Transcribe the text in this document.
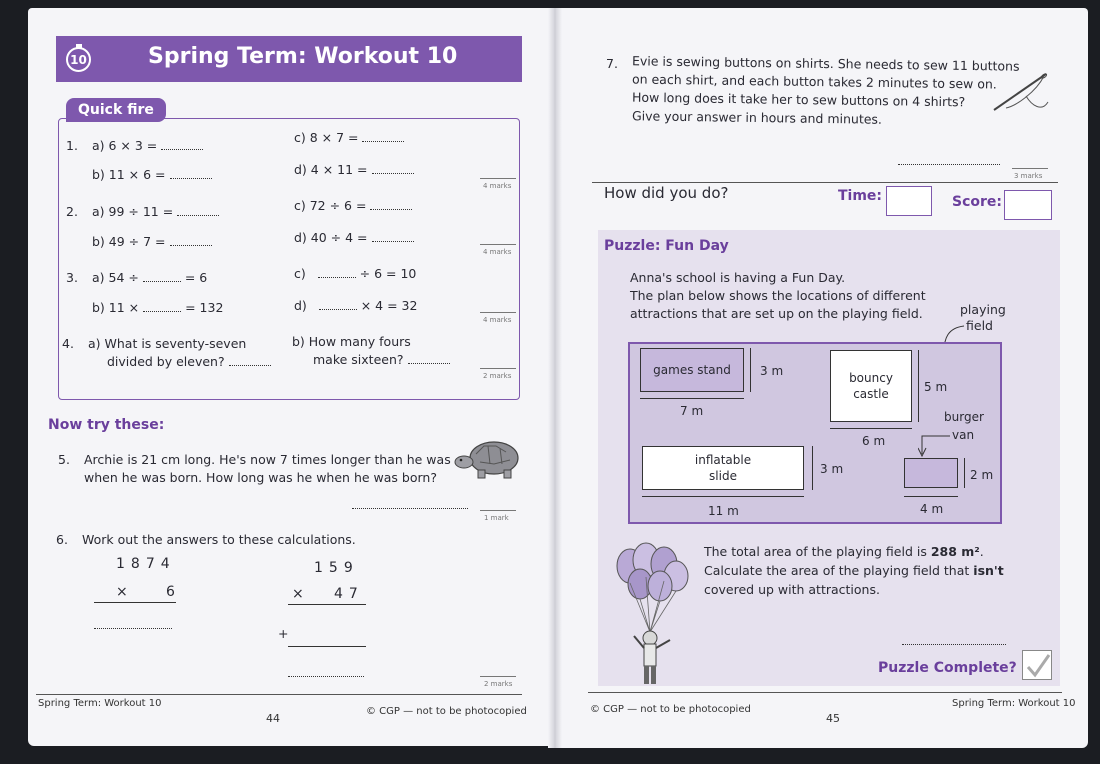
10	Spring Term: Workout 10
Quick fire
1. a) 6 × 3 =
b) 11 × 6 =
c) 8 × 7 =
d) 4 × 11 =
4 marks
2. a) 99 ÷ 11 =
b) 49 ÷ 7 =
c) 72 ÷ 6 =
d) 40 ÷ 4 =
4 marks
3. a) 54 ÷	= 6
b) 11 ×	= 132
c)	÷ 6 = 10
d)	× 4 = 32
4 marks
4. a) What is seventy-seven
divided by eleven?
b) How many fours
make sixteen?
2 marks
Now try these:
5. Archie is 21 cm long. He's now 7 times longer than he was
when he was born. How long was he when he was born?
1 mark
6. Work out the answers to these calculations.
1874
× 6
159
× 47
+
2 marks
Spring Term: Workout 10
44
© CGP — not to be photocopied
7. Evie is sewing buttons on shirts. She needs to sew 11 buttons
on each shirt, and each button takes 2 minutes to sew on.
How long does it take her to sew buttons on 4 shirts?
Give your answer in hours and minutes.
3 marks
How did you do?	Time:	Score:
Puzzle: Fun Day
Anna's school is having a Fun Day.
The plan below shows the locations of different
attractions that are set up on the playing field.	playing
field
games stand 3 m
7 m
bouncy
castle	5 m
6 m
burger
van
2 m
4 m
inflatable
slide	3 m
11 m
The total area of the playing field is 288 m².
Calculate the area of the playing field that isn't
covered up with attractions.
Puzzle Complete?
© CGP — not to be photocopied
45
Spring Term: Workout 10
